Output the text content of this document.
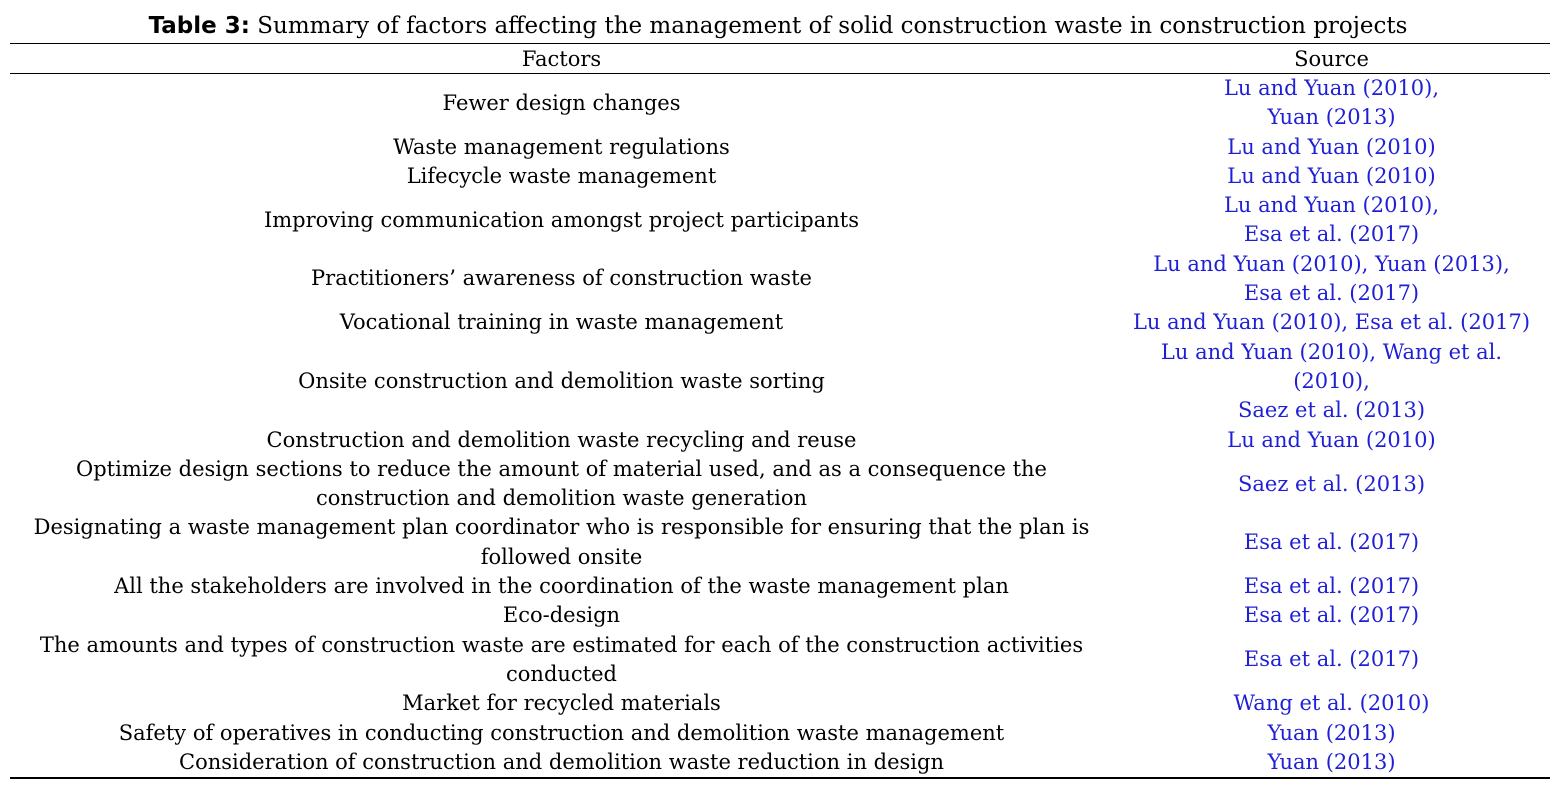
Table 3: Summary of factors affecting the management of solid construction waste in construction projects
Factors	Source
Fewer design changes	Lu and Yuan (2010),
Yuan (2013)

Waste management regulations	Lu and Yuan (2010)

Lifecycle waste management	Lu and Yuan (2010)

Improving communication amongst project participants	Lu and Yuan (2010),
Esa et al. (2017)

Practitioners’ awareness of construction waste	Lu and Yuan (2010), Yuan (2013),
Esa et al. (2017)

Vocational training in waste management	Lu and Yuan (2010), Esa et al. (2017)

Onsite construction and demolition waste sorting	Lu and Yuan (2010), Wang et al.
(2010),
Saez et al. (2013)

Construction and demolition waste recycling and reuse	Lu and Yuan (2010)

Optimize design sections to reduce the amount of material used, and as a consequence the construction and demolition waste generation	Saez et al. (2013)

Designating a waste management plan coordinator who is responsible for ensuring that the plan is followed onsite	Esa et al. (2017)

All the stakeholders are involved in the coordination of the waste management plan	Esa et al. (2017)

Eco-design	Esa et al. (2017)

The amounts and types of construction waste are estimated for each of the construction activities conducted	Esa et al. (2017)

Market for recycled materials	Wang et al. (2010)

Safety of operatives in conducting construction and demolition waste management	Yuan (2013)

Consideration of construction and demolition waste reduction in design	Yuan (2013)
